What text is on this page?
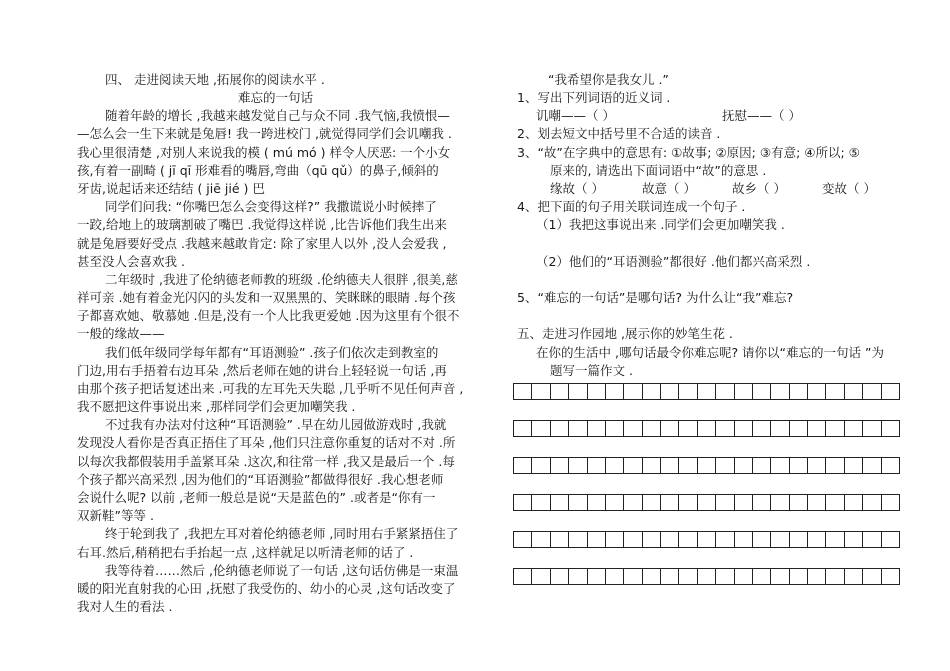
四、 走进阅读天地 ,拓展你的阅读水平 .
难忘的一句话
随着年龄的增长 ,我越来越发觉自己与众不同 .我气恼,我愤恨—
—怎么会一生下来就是兔唇! 我一跨进校门 ,就觉得同学们会讥嘲我 .
我心里很清楚 ,对别人来说我的模 ( mú mó ) 样令人厌恶: 一个小女
孩,有着一副畸 ( jī qī 形难看的嘴唇,弯曲（qū qǔ）的鼻子,倾斜的
牙齿,说起话来还结结 ( jiē jié ) 巴
同学们问我: “你嘴巴怎么会变得这样?” 我撒谎说小时候摔了
一跤,给地上的玻璃割破了嘴巴 .我觉得这样说 ,比告诉他们我生出来
就是兔唇要好受点 .我越来越敢肯定: 除了家里人以外 ,没人会爱我 ,
甚至没人会喜欢我 .
二年级时 ,我进了伦纳德老师教的班级 .伦纳德夫人很胖 ,很美,慈
祥可亲 .她有着金光闪闪的头发和一双黑黑的、笑眯眯的眼睛 .每个孩
子都喜欢她、敬慕她 .但是,没有一个人比我更爱她 .因为这里有个很不
一般的缘故——
我们低年级同学每年都有“耳语测验” .孩子们依次走到教室的
门边,用右手捂着右边耳朵 ,然后老师在她的讲台上轻轻说一句话 ,再
由那个孩子把话复述出来 .可我的左耳先天失聪 ,几乎听不见任何声音 ,
我不愿把这件事说出来 ,那样同学们会更加嘲笑我 .
不过我有办法对付这种“耳语测验” .早在幼儿园做游戏时 ,我就
发现没人看你是否真正捂住了耳朵 ,他们只注意你重复的话对不对 .所
以每次我都假装用手盖紧耳朵 .这次,和往常一样 ,我又是最后一个 .每
个孩子都兴高采烈 ,因为他们的“耳语测验”都做得很好 .我心想老师
会说什么呢? 以前 ,老师一般总是说“天是蓝色的” .或者是“你有一
双新鞋”等等 .
终于轮到我了 ,我把左耳对着伦纳德老师 ,同时用右手紧紧捂住了
右耳.然后,稍稍把右手抬起一点 ,这样就足以听清老师的话了 .
我等待着……然后 ,伦纳德老师说了一句话 ,这句话仿佛是一束温
暖的阳光直射我的心田 ,抚慰了我受伤的、幼小的心灵 ,这句话改变了
我对人生的看法 .
“我希望你是我女儿 .”
1、写出下列词语的近义词 .
讥嘲——（ ）	抚慰——（ ）
2、划去短文中括号里不合适的读音 .
3、“故”在字典中的意思有: ①故事; ②原因; ③有意; ④所以; ⑤
原来的, 请选出下面词语中“故”的意思 .
缘故（ ）	故意（ ）	故乡（ ）	变故（ ）
4、把下面的句子用关联词连成一个句子 .
（1）我把这事说出来 .同学们会更加嘲笑我 .
（2）他们的“耳语测验”都很好 .他们都兴高采烈 .
5、“难忘的一句话”是哪句话? 为什么让“我”难忘?
五、走进习作园地 ,展示你的妙笔生花 .
在你的生活中 ,哪句话最令你难忘呢? 请你以“难忘的一句话 ”为
题写一篇作文 .
